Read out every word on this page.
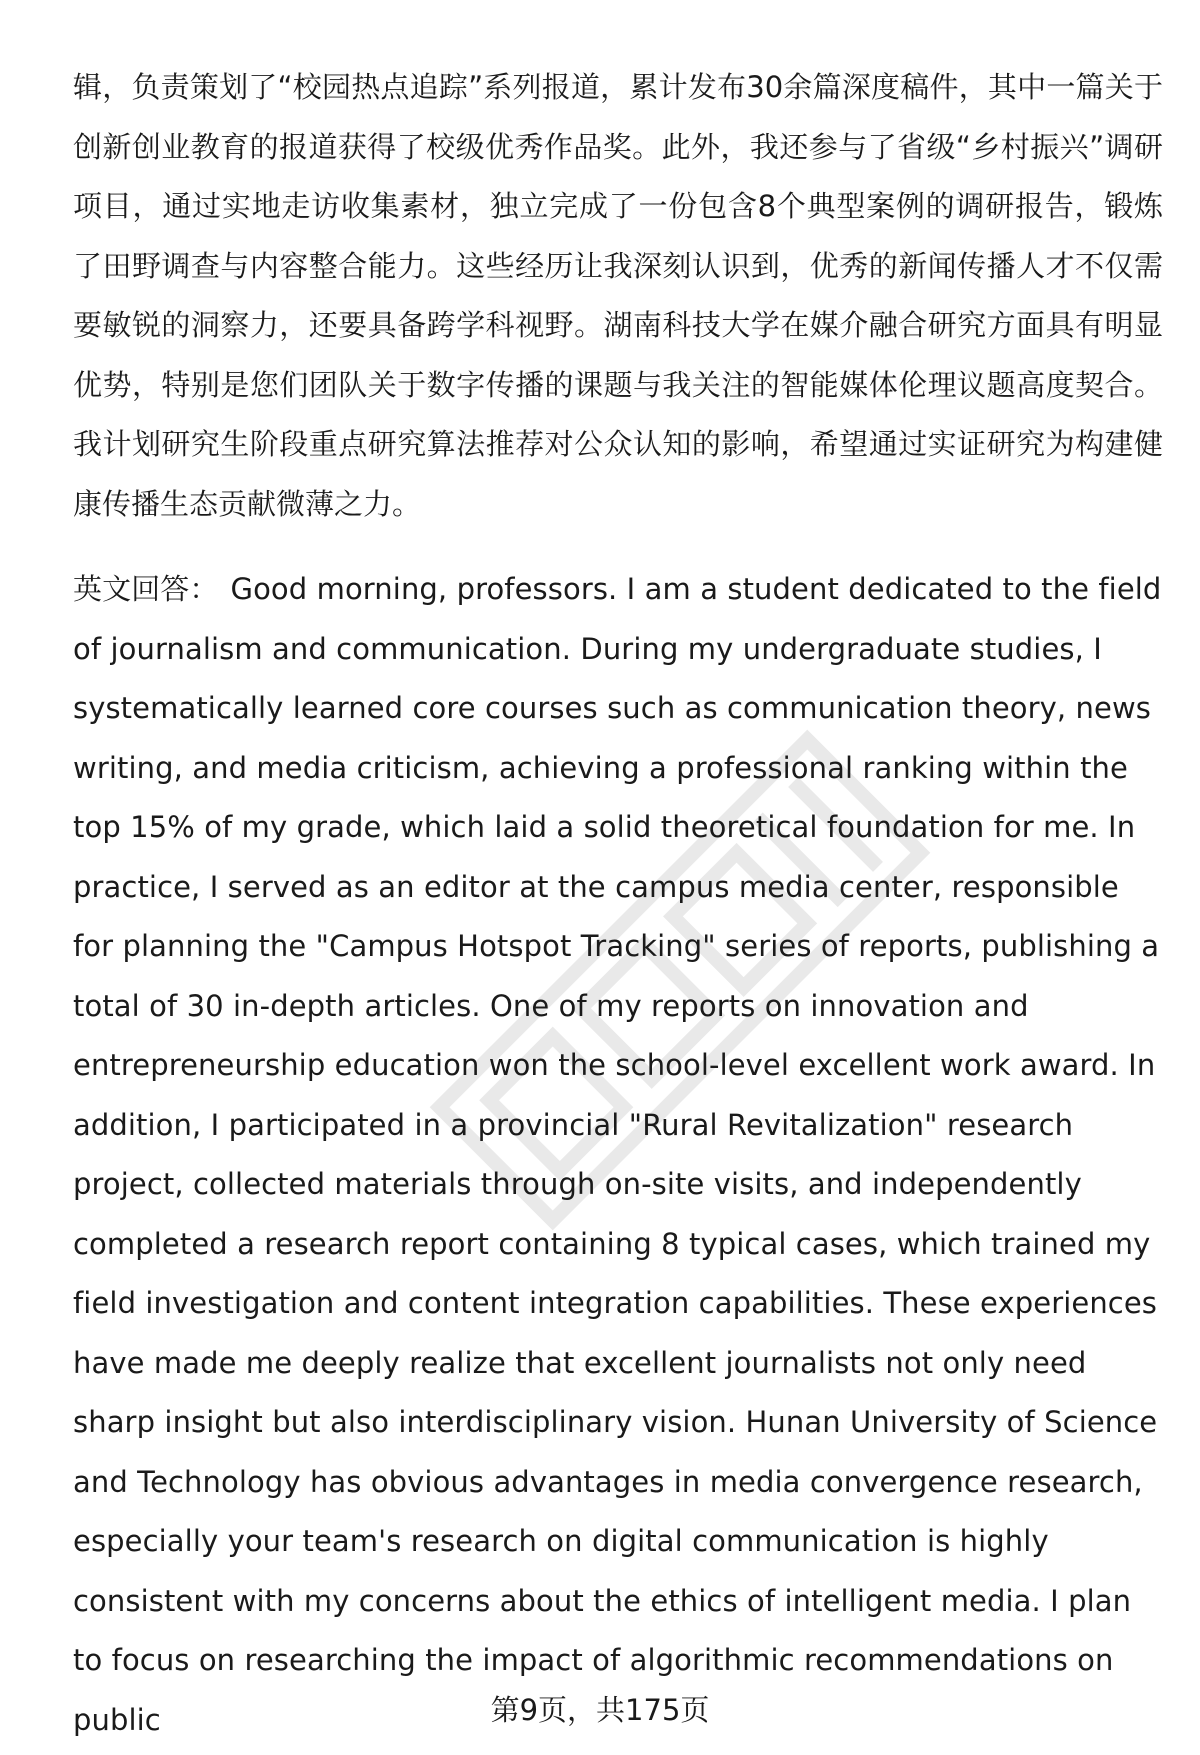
辑，负责策划了“校园热点追踪”系列报道，累计发布30余篇深度稿件，其中一篇关于创新创业教育的报道获得了校级优秀作品奖。此外，我还参与了省级“乡村振兴”调研项目，通过实地走访收集素材，独立完成了一份包含8个典型案例的调研报告，锻炼了田野调查与内容整合能力。这些经历让我深刻认识到，优秀的新闻传播人才不仅需要敏锐的洞察力，还要具备跨学科视野。湖南科技大学在媒介融合研究方面具有明显优势，特别是您们团队关于数字传播的课题与我关注的智能媒体伦理议题高度契合。我计划研究生阶段重点研究算法推荐对公众认知的影响，希望通过实证研究为构建健康传播生态贡献微薄之力。

英文回答： Good morning, professors. I am a student dedicated to the field of journalism and communication. During my undergraduate studies, I systematically learned core courses such as communication theory, news writing, and media criticism, achieving a professional ranking within the top 15% of my grade, which laid a solid theoretical foundation for me. In practice, I served as an editor at the campus media center, responsible for planning the "Campus Hotspot Tracking" series of reports, publishing a total of 30 in-depth articles. One of my reports on innovation and entrepreneurship education won the school-level excellent work award. In addition, I participated in a provincial "Rural Revitalization" research project, collected materials through on-site visits, and independently completed a research report containing 8 typical cases, which trained my field investigation and content integration capabilities. These experiences have made me deeply realize that excellent journalists not only need sharp insight but also interdisciplinary vision. Hunan University of Science and Technology has obvious advantages in media convergence research, especially your team's research on digital communication is highly consistent with my concerns about the ethics of intelligent media. I plan to focus on researching the impact of algorithmic recommendations on public	第9页，共175页
